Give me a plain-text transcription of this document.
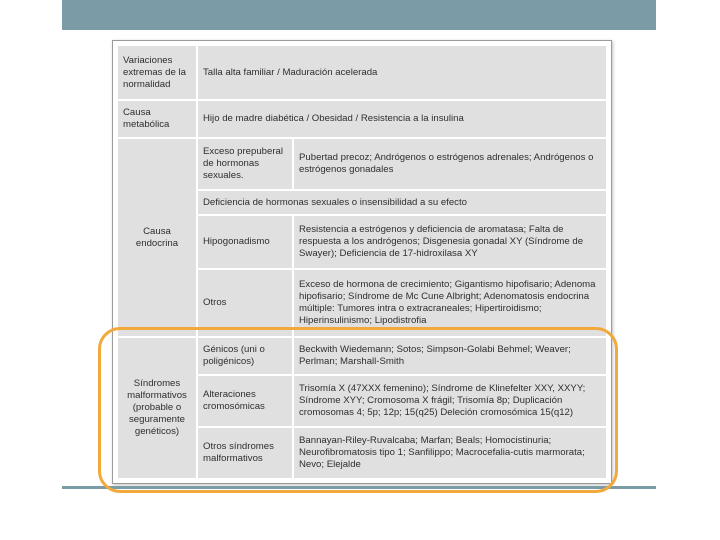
Variaciones extremas de la normalidad	Talla alta familiar / Maduración acelerada	
Causa metabólica	Hijo de madre diabética / Obesidad / Resistencia a la insulina	
Causa endocrina	Exceso prepuberal de hormonas sexuales.	Pubertad precoz; Andrógenos o estrógenos adrenales; Andrógenos o estrógenos gonadales
	Deficiencia de hormonas sexuales o insensibilidad a su efecto	
	Hipogonadismo	Resistencia a estrógenos y deficiencia de aromatasa; Falta de respuesta a los andrógenos; Disgenesia gonadal XY (Síndrome de Swayer); Deficiencia de 17-hidroxilasa XY
	Otros	Exceso de hormona de crecimiento; Gigantismo hipofisario; Adenoma hipofisario; Síndrome de Mc Cune Albright; Adenomatosis endocrina múltiple: Tumores intra o extracraneales; Hipertiroidismo; Hiperinsulinismo; Lipodistrofia
Síndromes malformativos (probable o seguramente genéticos)	Génicos (uni o poligénicos)	Beckwith Wiedemann; Sotos; Simpson-Golabi Behmel; Weaver; Perlman; Marshall-Smith
	Alteraciones cromosómicas	Trisomía X (47XXX femenino); Síndrome de Klinefelter XXY, XXYY; Síndrome XYY; Cromosoma X frágil; Trisomía 8p; Duplicación cromosomas 4; 5p; 12p; 15(q25) Deleción cromosómica 15(q12)
	Otros síndromes malformativos	Bannayan-Riley-Ruvalcaba; Marfan; Beals; Homocistinuria; Neurofibromatosis tipo 1; Sanfilippo; Macrocefalia-cutis marmorata; Nevo; Elejalde
